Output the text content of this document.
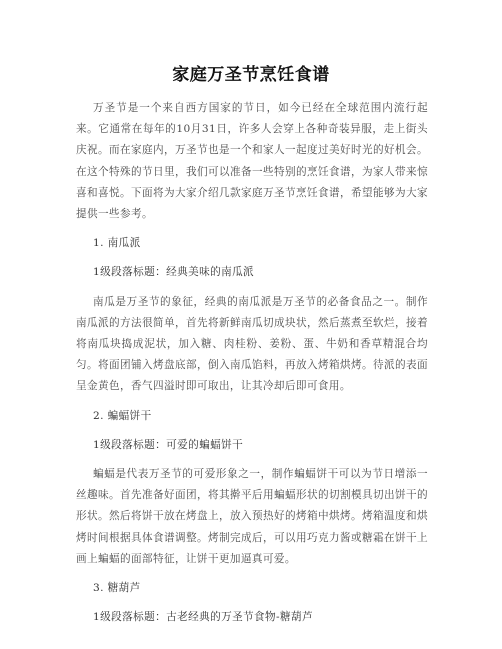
家庭万圣节烹饪食谱

万圣节是一个来自西方国家的节日，如今已经在全球范围内流行起来。它通常在每年的10月31日，许多人会穿上各种奇装异服，走上街头庆祝。而在家庭内，万圣节也是一个和家人一起度过美好时光的好机会。在这个特殊的节日里，我们可以准备一些特别的烹饪食谱，为家人带来惊喜和喜悦。下面将为大家介绍几款家庭万圣节烹饪食谱，希望能够为大家提供一些参考。

1. 南瓜派

1级段落标题：经典美味的南瓜派

南瓜是万圣节的象征，经典的南瓜派是万圣节的必备食品之一。制作南瓜派的方法很简单，首先将新鲜南瓜切成块状，然后蒸煮至软烂，接着将南瓜块捣成泥状，加入糖、肉桂粉、姜粉、蛋、牛奶和香草精混合均匀。将面团铺入烤盘底部，倒入南瓜馅料，再放入烤箱烘烤。待派的表面呈金黄色，香气四溢时即可取出，让其冷却后即可食用。

2. 蝙蝠饼干

1级段落标题：可爱的蝙蝠饼干

蝙蝠是代表万圣节的可爱形象之一，制作蝙蝠饼干可以为节日增添一丝趣味。首先准备好面团，将其擀平后用蝙蝠形状的切割模具切出饼干的形状。然后将饼干放在烤盘上，放入预热好的烤箱中烘烤。烤箱温度和烘烤时间根据具体食谱调整。烤制完成后，可以用巧克力酱或糖霜在饼干上画上蝙蝠的面部特征，让饼干更加逼真可爱。

3. 糖葫芦

1级段落标题：古老经典的万圣节食物-糖葫芦
